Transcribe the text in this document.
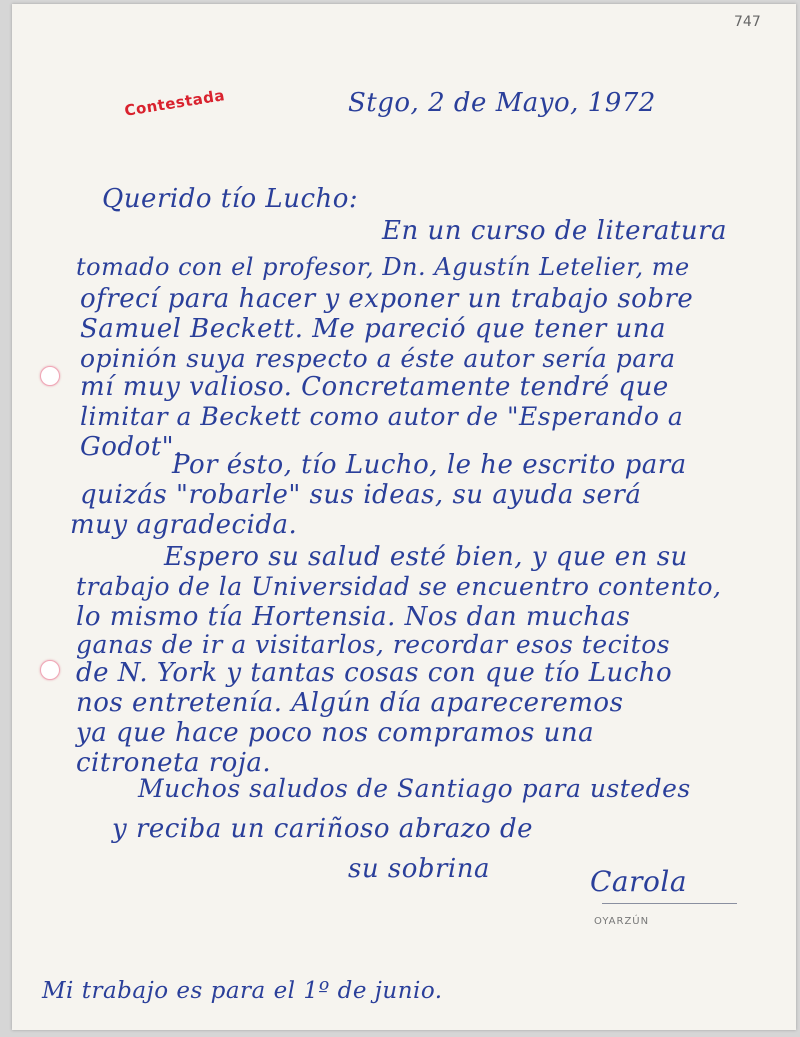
747
Contestada	Stgo, 2 de Mayo, 1972
Querido tío Lucho:
En un curso de literatura
tomado con el profesor, Dn. Agustín Letelier, me
ofrecí para hacer y exponer un trabajo sobre
Samuel Beckett. Me pareció que tener una
opinión suya respecto a éste autor sería para
mí muy valioso. Concretamente tendré que
limitar a Beckett como autor de "Esperando a
Godot".
Por ésto, tío Lucho, le he escrito para
quizás "robarle" sus ideas, su ayuda será
muy agradecida.
Espero su salud esté bien, y que en su
trabajo de la Universidad se encuentro contento,
lo mismo tía Hortensia. Nos dan muchas
ganas de ir a visitarlos, recordar esos tecitos
de N. York y tantas cosas con que tío Lucho
nos entretenía. Algún día apareceremos
ya que hace poco nos compramos una
citroneta roja.
Muchos saludos de Santiago para ustedes
y reciba un cariñoso abrazo de
su sobrina	Carola
OYARZÚN
Mi trabajo es para el 1º de junio.
